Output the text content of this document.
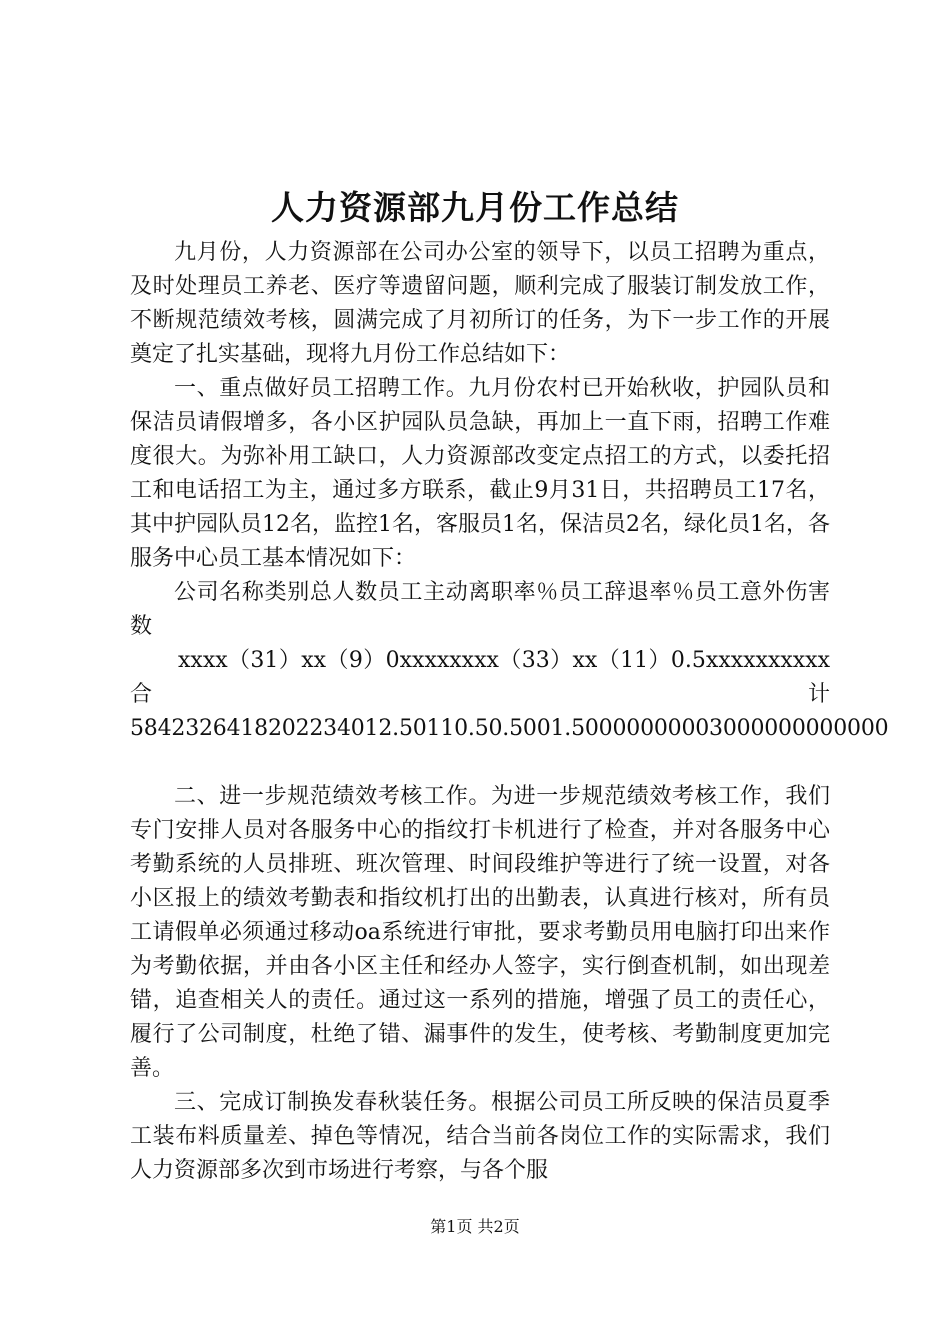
人力资源部九月份工作总结

九月份，人力资源部在公司办公室的领导下，以员工招聘为重点，及时处理员工养老、医疗等遗留问题，顺利完成了服装订制发放工作，不断规范绩效考核，圆满完成了月初所订的任务，为下一步工作的开展奠定了扎实基础，现将九月份工作总结如下：

一、重点做好员工招聘工作。九月份农村已开始秋收，护园队员和保洁员请假增多，各小区护园队员急缺，再加上一直下雨，招聘工作难度很大。为弥补用工缺口，人力资源部改变定点招工的方式，以委托招工和电话招工为主，通过多方联系，截止9月31日，共招聘员工17名，其中护园队员12名，监控1名，客服员1名，保洁员2名，绿化员1名，各服务中心员工基本情况如下：

公司名称类别总人数员工主动离职率％员工辞退率％员工意外伤害数

xxxx（31）xx（9）0xxxxxxxx（33）xx（11）0.5xxxxxxxxxx合计

58423264182022340​12.50110.50.5001.50000000003000000000000

二、进一步规范绩效考核工作。为进一步规范绩效考核工作，我们专门安排人员对各服务中心的指纹打卡机进行了检查，并对各服务中心考勤系统的人员排班、班次管理、时间段维护等进行了统一设置，对各小区报上的绩效考勤表和指纹机打出的出勤表，认真进行核对，所有员工请假单必须通过移动oa系统进行审批，要求考勤员用电脑打印出来作为考勤依据，并由各小区主任和经办人签字，实行倒查机制，如出现差错，追查相关人的责任。通过这一系列的措施，增强了员工的责任心，履行了公司制度，杜绝了错、漏事件的发生，使考核、考勤制度更加完善。

三、完成订制换发春秋装任务。根据公司员工所反映的保洁员夏季工装布料质量差、掉色等情况，结合当前各岗位工作的实际需求，我们人力资源部多次到市场进行考察，与各个服

第1页 共2页
